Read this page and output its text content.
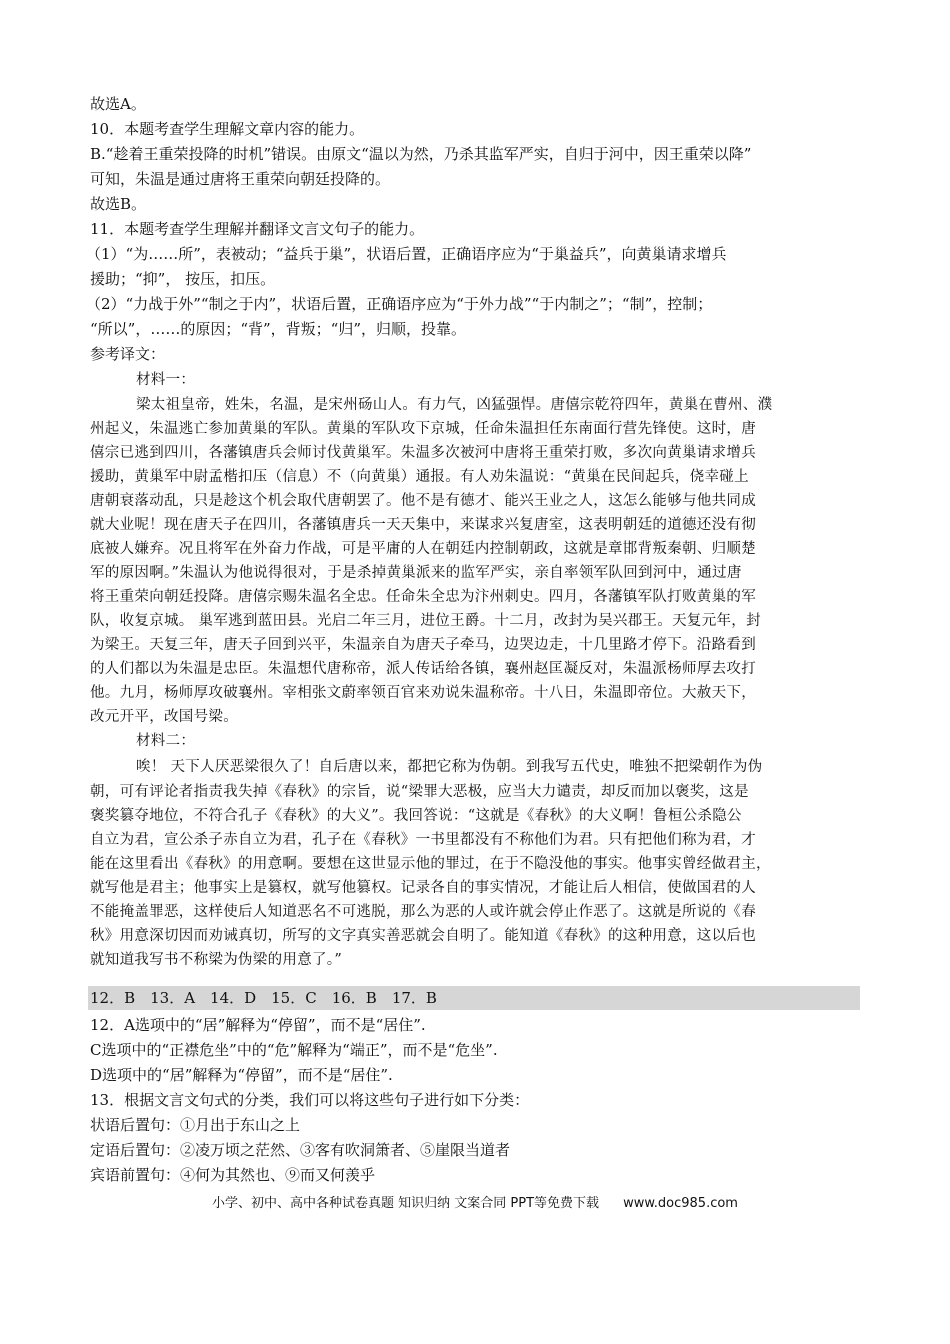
故选A。
10．本题考查学生理解文章内容的能力。
B.“趁着王重荣投降的时机”错误。由原文“温以为然，乃杀其监军严实，自归于河中，因王重荣以降”
可知，朱温是通过唐将王重荣向朝廷投降的。
故选B。
11．本题考查学生理解并翻译文言文句子的能力。
（1）“为……所”，表被动；“益兵于巢”，状语后置，正确语序应为“于巢益兵”，向黄巢请求增兵
援助；“抑”， 按压，扣压。
（2）“力战于外”“制之于内”，状语后置，正确语序应为“于外力战”“于内制之”；“制”，控制；
“所以”，……的原因；“背”，背叛；“归”，归顺，投靠。
参考译文：
材料一：
梁太祖皇帝，姓朱，名温，是宋州砀山人。有力气，凶猛强悍。唐僖宗乾符四年，黄巢在曹州、濮
州起义，朱温逃亡参加黄巢的军队。黄巢的军队攻下京城，任命朱温担任东南面行营先锋使。这时，唐
僖宗已逃到四川，各藩镇唐兵会师讨伐黄巢军。朱温多次被河中唐将王重荣打败，多次向黄巢请求增兵
援助，黄巢军中尉孟楷扣压（信息）不（向黄巢）通报。有人劝朱温说：“黄巢在民间起兵，侥幸碰上
唐朝衰落动乱，只是趁这个机会取代唐朝罢了。他不是有德才、能兴王业之人，这怎么能够与他共同成
就大业呢！现在唐天子在四川，各藩镇唐兵一天天集中，来谋求兴复唐室，这表明朝廷的道德还没有彻
底被人嫌弃。况且将军在外奋力作战，可是平庸的人在朝廷内控制朝政，这就是章邯背叛秦朝、归顺楚
军的原因啊。”朱温认为他说得很对，于是杀掉黄巢派来的监军严实，亲自率领军队回到河中，通过唐
将王重荣向朝廷投降。唐僖宗赐朱温名全忠。任命朱全忠为汴州刺史。四月，各藩镇军队打败黄巢的军
队，收复京城。 巢军逃到蓝田县。光启二年三月，进位王爵。十二月，改封为吴兴郡王。天复元年，封
为梁王。天复三年，唐天子回到兴平，朱温亲自为唐天子牵马，边哭边走，十几里路才停下。沿路看到
的人们都以为朱温是忠臣。朱温想代唐称帝，派人传话给各镇，襄州赵匡凝反对，朱温派杨师厚去攻打
他。九月，杨师厚攻破襄州。宰相张文蔚率领百官来劝说朱温称帝。十八日，朱温即帝位。大赦天下，
改元开平，改国号梁。
材料二：
唉！ 天下人厌恶梁很久了！自后唐以来，都把它称为伪朝。到我写五代史，唯独不把梁朝作为伪
朝，可有评论者指责我失掉《春秋》的宗旨，说“梁罪大恶极，应当大力谴责，却反而加以褒奖，这是
褒奖篡夺地位，不符合孔子《春秋》的大义”。我回答说：“这就是《春秋》的大义啊！鲁桓公杀隐公
自立为君，宣公杀子赤自立为君，孔子在《春秋》一书里都没有不称他们为君。只有把他们称为君，才
能在这里看出《春秋》的用意啊。要想在这世显示他的罪过，在于不隐没他的事实。他事实曾经做君主，
就写他是君主；他事实上是篡权，就写他篡权。记录各自的事实情况，才能让后人相信，使做国君的人
不能掩盖罪恶，这样使后人知道恶名不可逃脱，那么为恶的人或许就会停止作恶了。这就是所说的《春
秋》用意深切因而劝诫真切，所写的文字真实善恶就会自明了。能知道《春秋》的这种用意，这以后也
就知道我写书不称梁为伪梁的用意了。”
12．B　13．A　14．D　15．C　16．B　17．B
12．A选项中的“居”解释为“停留”，而不是“居住”.
C选项中的“正襟危坐”中的“危”解释为“端正”，而不是“危坐”.
D选项中的“居”解释为“停留”，而不是“居住”.
13．根据文言文句式的分类，我们可以将这些句子进行如下分类：
状语后置句：①月出于东山之上
定语后置句：②凌万顷之茫然、③客有吹洞箫者、⑤崖限当道者
宾语前置句：④何为其然也、⑨而又何羡乎
小学、初中、高中各种试卷真题 知识归纳 文案合同 PPT等免费下载 www.doc985.com
